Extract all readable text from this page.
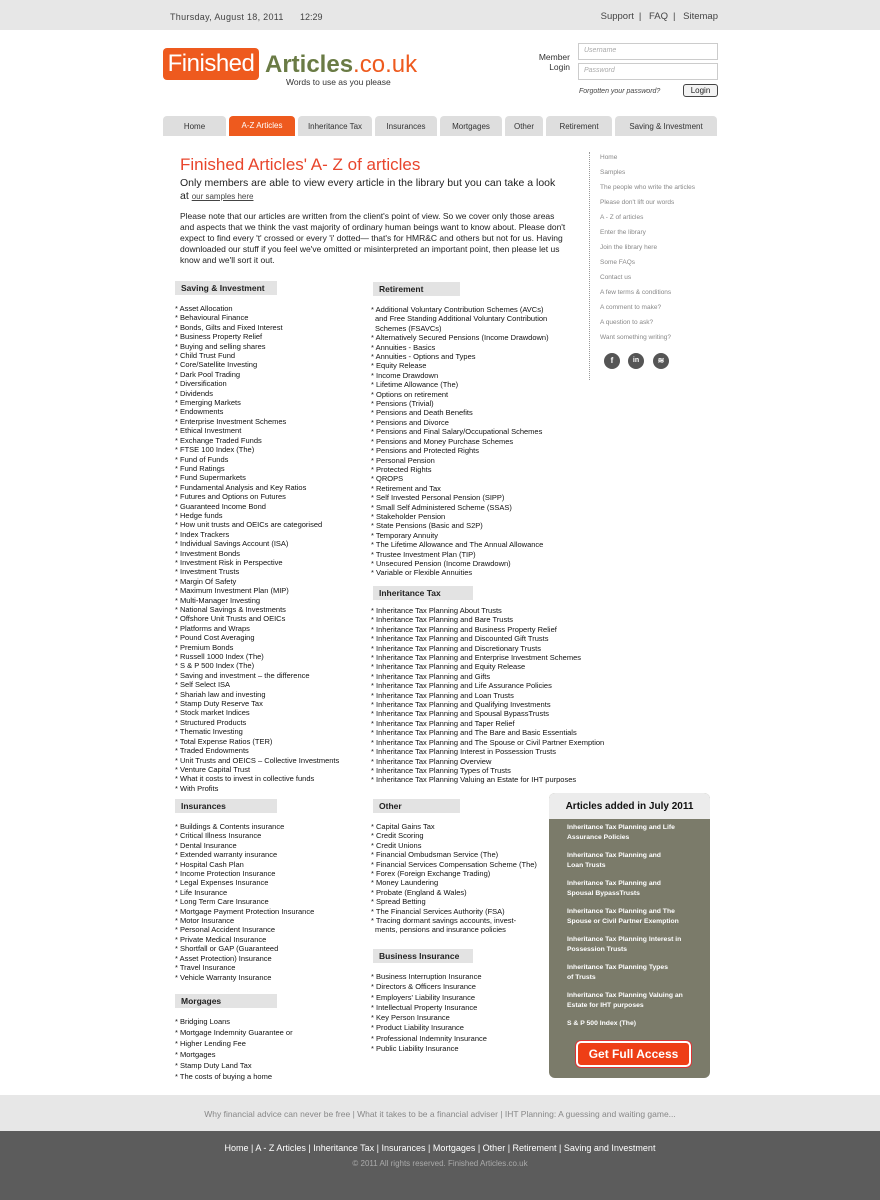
Thursday, August 18, 2011 12:29	Support | FAQ | Sitemap
Finished Articles.co.uk
Words to use as you please
Member
Login
Username
Password
Forgotten your password?	Login
Home	A-Z Articles	Inheritance Tax	Insurances	Mortgages	Other	Retirement	Saving & Investment
Finished Articles' A- Z of articles
Only members are able to view every article in the library but you can take a look at our samples here
Please note that our articles are written from the client's point of view. So we cover only those areas and aspects that we think the vast majority of ordinary human beings want to know about. Please don't expect to find every 't' crossed or every 'i' dotted— that's for HMR&C and others but not for us. Having downloaded our stuff if you feel we've omitted or misinterpreted an important point, then please let us know and we'll sort it out.
Saving & Investment
* Asset Allocation
* Behavioural Finance
* Bonds, Gilts and Fixed Interest
* Business Property Relief
* Buying and selling shares
* Child Trust Fund
* Core/Satellite Investing
* Dark Pool Trading
* Diversification
* Dividends
* Emerging Markets
* Endowments
* Enterprise Investment Schemes
* Ethical Investment
* Exchange Traded Funds
* FTSE 100 Index (The)
* Fund of Funds
* Fund Ratings
* Fund Supermarkets
* Fundamental Analysis and Key Ratios
* Futures and Options on Futures
* Guaranteed Income Bond
* Hedge funds
* How unit trusts and OEICs are categorised
* Index Trackers
* Individual Savings Account (ISA)
* Investment Bonds
* Investment Risk in Perspective
* Investment Trusts
* Margin Of Safety
* Maximum Investment Plan (MIP)
* Multi-Manager Investing
* National Savings & Investments
* Offshore Unit Trusts and OEICs
* Platforms and Wraps
* Pound Cost Averaging
* Premium Bonds
* Russell 1000 Index (The)
* S & P 500 Index (The)
* Saving and investment – the difference
* Self Select ISA
* Shariah law and investing
* Stamp Duty Reserve Tax
* Stock market Indices
* Structured Products
* Thematic Investing
* Total Expense Ratios (TER)
* Traded Endowments
* Unit Trusts and OEICS – Collective Investments
* Venture Capital Trust
* What it costs to invest in collective funds
* With Profits
Insurances
* Buildings & Contents insurance
* Critical Illness Insurance
* Dental Insurance
* Extended warranty insurance
* Hospital Cash Plan
* Income Protection Insurance
* Legal Expenses Insurance
* Life Insurance
* Long Term Care Insurance
* Mortgage Payment Protection Insurance
* Motor Insurance
* Personal Accident Insurance
* Private Medical Insurance
* Shortfall or GAP (Guaranteed
* Asset Protection) Insurance
* Travel Insurance
* Vehicle Warranty Insurance
Morgages
* Bridging Loans
* Mortgage Indemnity Guarantee or
* Higher Lending Fee
* Mortgages
* Stamp Duty Land Tax
* The costs of buying a home
Retirement
* Additional Voluntary Contribution Schemes (AVCs)
and Free Standing Additional Voluntary Contribution
Schemes (FSAVCs)
* Alternatively Secured Pensions (Income Drawdown)
* Annuities - Basics
* Annuities - Options and Types
* Equity Release
* Income Drawdown
* Lifetime Allowance (The)
* Options on retirement
* Pensions (Trivial)
* Pensions and Death Benefits
* Pensions and Divorce
* Pensions and Final Salary/Occupational Schemes
* Pensions and Money Purchase Schemes
* Pensions and Protected Rights
* Personal Pension
* Protected Rights
* QROPS
* Retirement and Tax
* Self Invested Personal Pension (SIPP)
* Small Self Administered Scheme (SSAS)
* Stakeholder Pension
* State Pensions (Basic and S2P)
* Temporary Annuity
* The Lifetime Allowance and The Annual Allowance
* Trustee Investment Plan (TIP)
* Unsecured Pension (Income Drawdown)
* Variable or Flexible Annuities
Inheritance Tax
* Inheritance Tax Planning About Trusts
* Inheritance Tax Planning and Bare Trusts
* Inheritance Tax Planning and Business Property Relief
* Inheritance Tax Planning and Discounted Gift Trusts
* Inheritance Tax Planning and Discretionary Trusts
* Inheritance Tax Planning and Enterprise Investment Schemes
* Inheritance Tax Planning and Equity Release
* Inheritance Tax Planning and Gifts
* Inheritance Tax Planning and Life Assurance Policies
* Inheritance Tax Planning and Loan Trusts
* Inheritance Tax Planning and Qualifying Investments
* Inheritance Tax Planning and Spousal BypassTrusts
* Inheritance Tax Planning and Taper Relief
* Inheritance Tax Planning and The Bare and Basic Essentials
* Inheritance Tax Planning and The Spouse or Civil Partner Exemption
* Inheritance Tax Planning Interest in Possession Trusts
* Inheritance Tax Planning Overview
* Inheritance Tax Planning Types of Trusts
* Inheritance Tax Planning Valuing an Estate for IHT purposes
Other
* Capital Gains Tax
* Credit Scoring
* Credit Unions
* Financial Ombudsman Service (The)
* Financial Services Compensation Scheme (The)
* Forex (Foreign Exchange Trading)
* Money Laundering
* Probate (England & Wales)
* Spread Betting
* The Financial Services Authority (FSA)
* Tracing dormant savings accounts, invest-
ments, pensions and insurance policies
Business Insurance
* Business Interruption Insurance
* Directors & Officers Insurance
* Employers' Liability Insurance
* Intellectual Property Insurance
* Key Person Insurance
* Product Liability Insurance
* Professional Indemnity Insurance
* Public Liability Insurance
Home
Samples
The people who write the articles
Please don't lift our words
A - Z of articles
Enter the library
Join the library here
Some FAQs
Contact us
A few terms & conditions
A comment to make?
A question to ask?
Want something writing?
f	in	≋
Articles added in July 2011
Inheritance Tax Planning and Life
Assurance Policies
Inheritance Tax Planning and
Loan Trusts
Inheritance Tax Planning and
Spousal BypassTrusts
Inheritance Tax Planning and The
Spouse or Civil Partner Exemption
Inheritance Tax Planning Interest in
Possession Trusts
Inheritance Tax Planning Types
of Trusts
Inheritance Tax Planning Valuing an
Estate for IHT purposes
S & P 500 Index (The)
Get Full Access
Why financial advice can never be free | What it takes to be a financial adviser | IHT Planning: A guessing and waiting game...
Home | A - Z Articles | Inheritance Tax | Insurances | Mortgages | Other | Retirement | Saving and Investment
© 2011 All rights reserved. Finished Articles.co.uk
